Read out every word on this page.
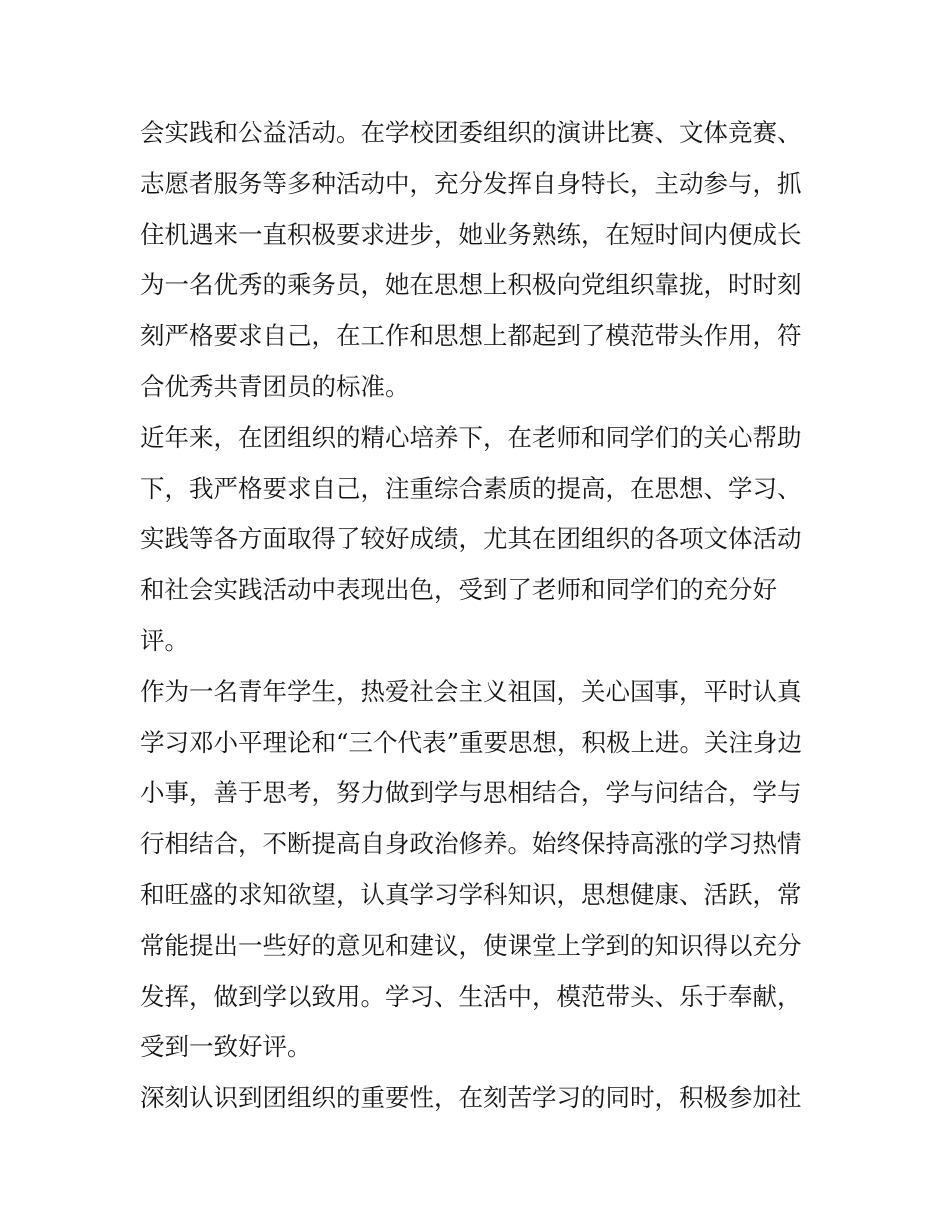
会实践和公益活动。在学校团委组织的演讲比赛、文体竞赛、
志愿者服务等多种活动中，充分发挥自身特长，主动参与，抓
住机遇来一直积极要求进步，她业务熟练，在短时间内便成长
为一名优秀的乘务员，她在思想上积极向党组织靠拢，时时刻
刻严格要求自己，在工作和思想上都起到了模范带头作用，符
合优秀共青团员的标准。
近年来，在团组织的精心培养下，在老师和同学们的关心帮助
下，我严格要求自己，注重综合素质的提高，在思想、学习、
实践等各方面取得了较好成绩，尤其在团组织的各项文体活动
和社会实践活动中表现出色，受到了老师和同学们的充分好
评。
作为一名青年学生，热爱社会主义祖国，关心国事，平时认真
学习邓小平理论和“三个代表”重要思想，积极上进。关注身边
小事，善于思考，努力做到学与思相结合，学与问结合，学与
行相结合，不断提高自身政治修养。始终保持高涨的学习热情
和旺盛的求知欲望，认真学习学科知识，思想健康、活跃，常
常能提出一些好的意见和建议，使课堂上学到的知识得以充分
发挥，做到学以致用。学习、生活中，模范带头、乐于奉献，
受到一致好评。
深刻认识到团组织的重要性，在刻苦学习的同时，积极参加社
